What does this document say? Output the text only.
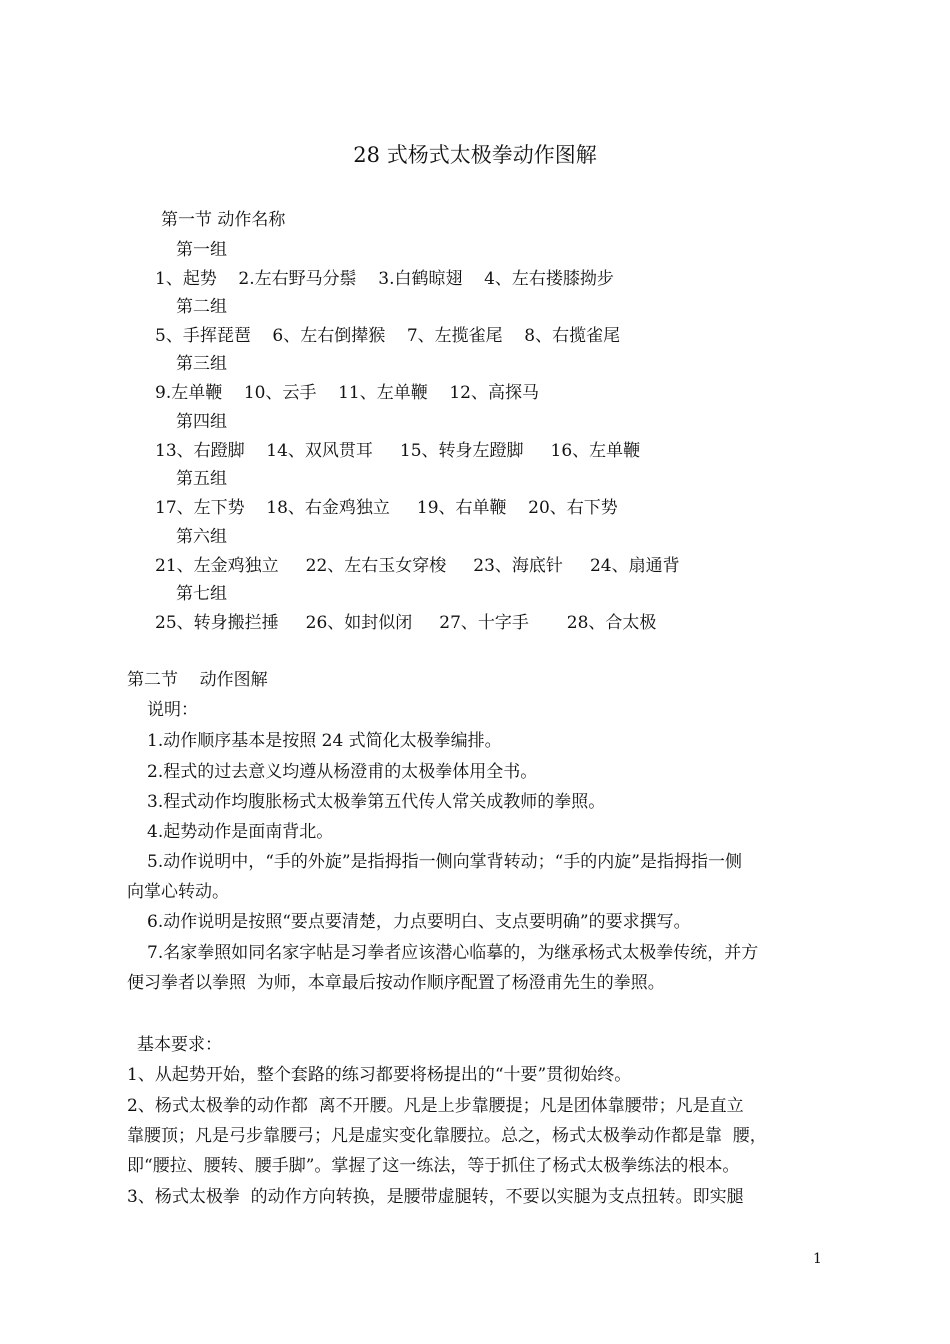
28 式杨式太极拳动作图解
第一节 动作名称
第一组
1、起势    2.左右野马分鬃    3.白鹤晾翅    4、左右搂膝拗步
第二组
5、手挥琵琶    6、左右倒撵猴    7、左揽雀尾    8、右揽雀尾
第三组
9.左单鞭    10、云手    11、左单鞭    12、高探马
第四组
13、右蹬脚    14、双风贯耳     15、转身左蹬脚     16、左单鞭
第五组
17、左下势    18、右金鸡独立     19、右单鞭    20、右下势
第六组
21、左金鸡独立     22、左右玉女穿梭     23、海底针     24、扇通背
第七组
25、转身搬拦捶     26、如封似闭     27、十字手       28、合太极
第二节    动作图解
说明：
1.动作顺序基本是按照 24 式简化太极拳编排。
2.程式的过去意义均遵从杨澄甫的太极拳体用全书。
3.程式动作均腹胀杨式太极拳第五代传人常关成教师的拳照。
4.起势动作是面南背北。
5.动作说明中，“手的外旋”是指拇指一侧向掌背转动；“手的内旋”是指拇指一侧
向掌心转动。
6.动作说明是按照“要点要清楚，力点要明白、支点要明确”的要求撰写。
7.名家拳照如同名家字帖是习拳者应该潜心临摹的，为继承杨式太极拳传统，并方
便习拳者以拳照  为师，本章最后按动作顺序配置了杨澄甫先生的拳照。
基本要求：
1、从起势开始，整个套路的练习都要将杨提出的“十要”贯彻始终。
2、杨式太极拳的动作都  离不开腰。凡是上步靠腰提；凡是团体靠腰带；凡是直立
靠腰顶；凡是弓步靠腰弓；凡是虚实变化靠腰拉。总之，杨式太极拳动作都是靠  腰，
即“腰拉、腰转、腰手脚”。掌握了这一练法，等于抓住了杨式太极拳练法的根本。
3、杨式太极拳  的动作方向转换，是腰带虚腿转，不要以实腿为支点扭转。即实腿
1
